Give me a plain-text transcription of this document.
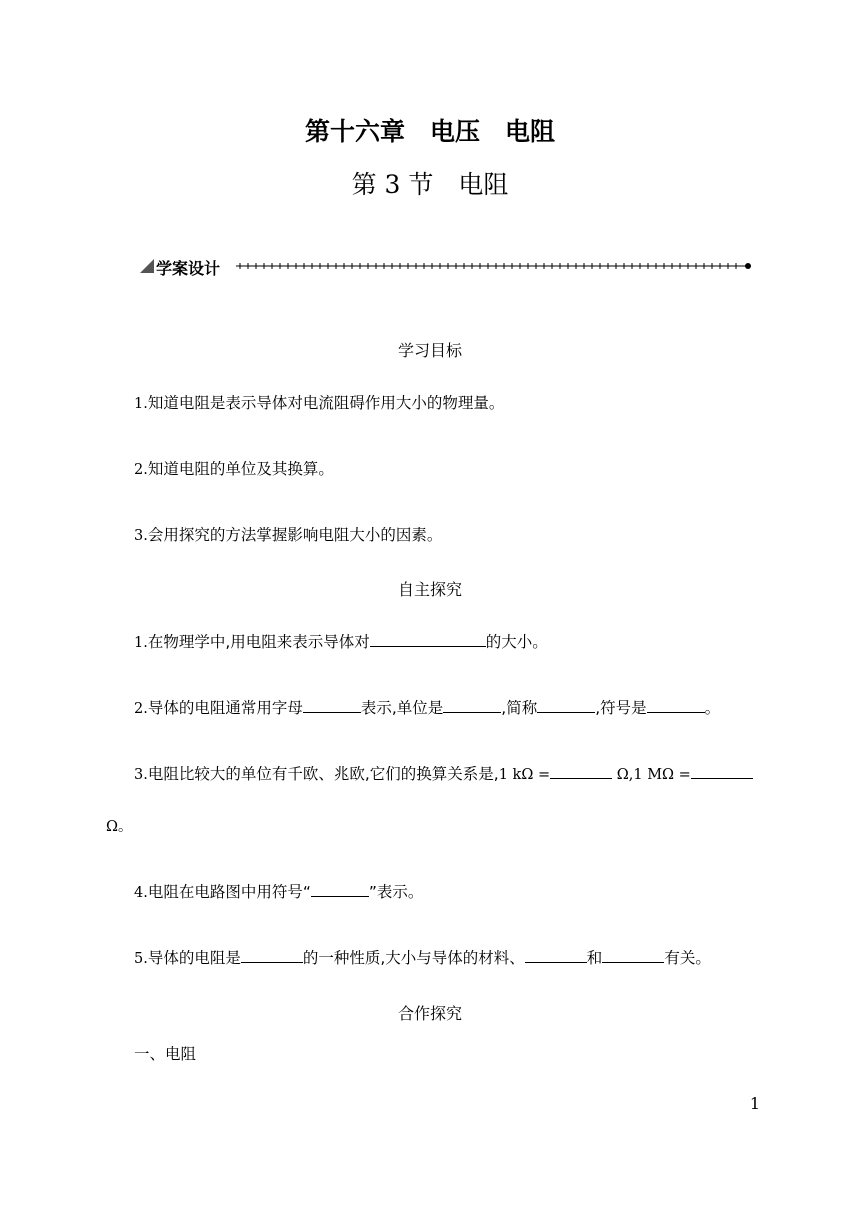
第十六章　电压　电阻
第 3 节　电阻
学案设计
学习目标
1.知道电阻是表示导体对电流阻碍作用大小的物理量。
2.知道电阻的单位及其换算。
3.会用探究的方法掌握影响电阻大小的因素。
自主探究
1.在物理学中,用电阻来表示导体对	的大小。
2.导体的电阻通常用字母	表示,单位是	,简称	,符号是	。
3.电阻比较大的单位有千欧、兆欧,它们的换算关系是,1 kΩ =	Ω,1 MΩ =
Ω。
4.电阻在电路图中用符号“	”表示。
5.导体的电阻是	的一种性质,大小与导体的材料、	和	有关。
合作探究
一、电阻
1
